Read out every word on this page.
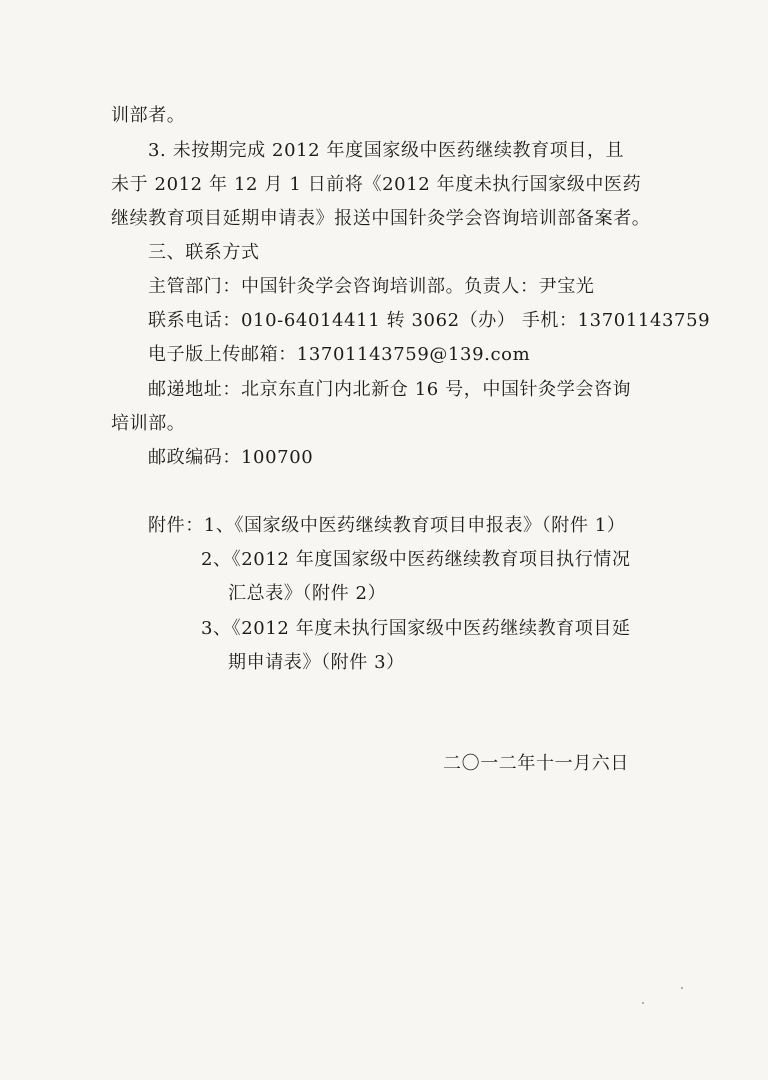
训部者。
3. 未按期完成 2012 年度国家级中医药继续教育项目，且
未于 2012 年 12 月 1 日前将《2012 年度未执行国家级中医药
继续教育项目延期申请表》报送中国针灸学会咨询培训部备案者。
三、联系方式
主管部门：中国针灸学会咨询培训部。负责人：尹宝光
联系电话：010-64014411 转 3062（办） 手机：13701143759
电子版上传邮箱：13701143759@139.com
邮递地址：北京东直门内北新仓 16 号，中国针灸学会咨询
培训部。
邮政编码：100700
附件：1、《国家级中医药继续教育项目申报表》（附件 1）
2、《2012 年度国家级中医药继续教育项目执行情况
汇总表》（附件 2）
3、《2012 年度未执行国家级中医药继续教育项目延
期申请表》（附件 3）
二〇一二年十一月六日
